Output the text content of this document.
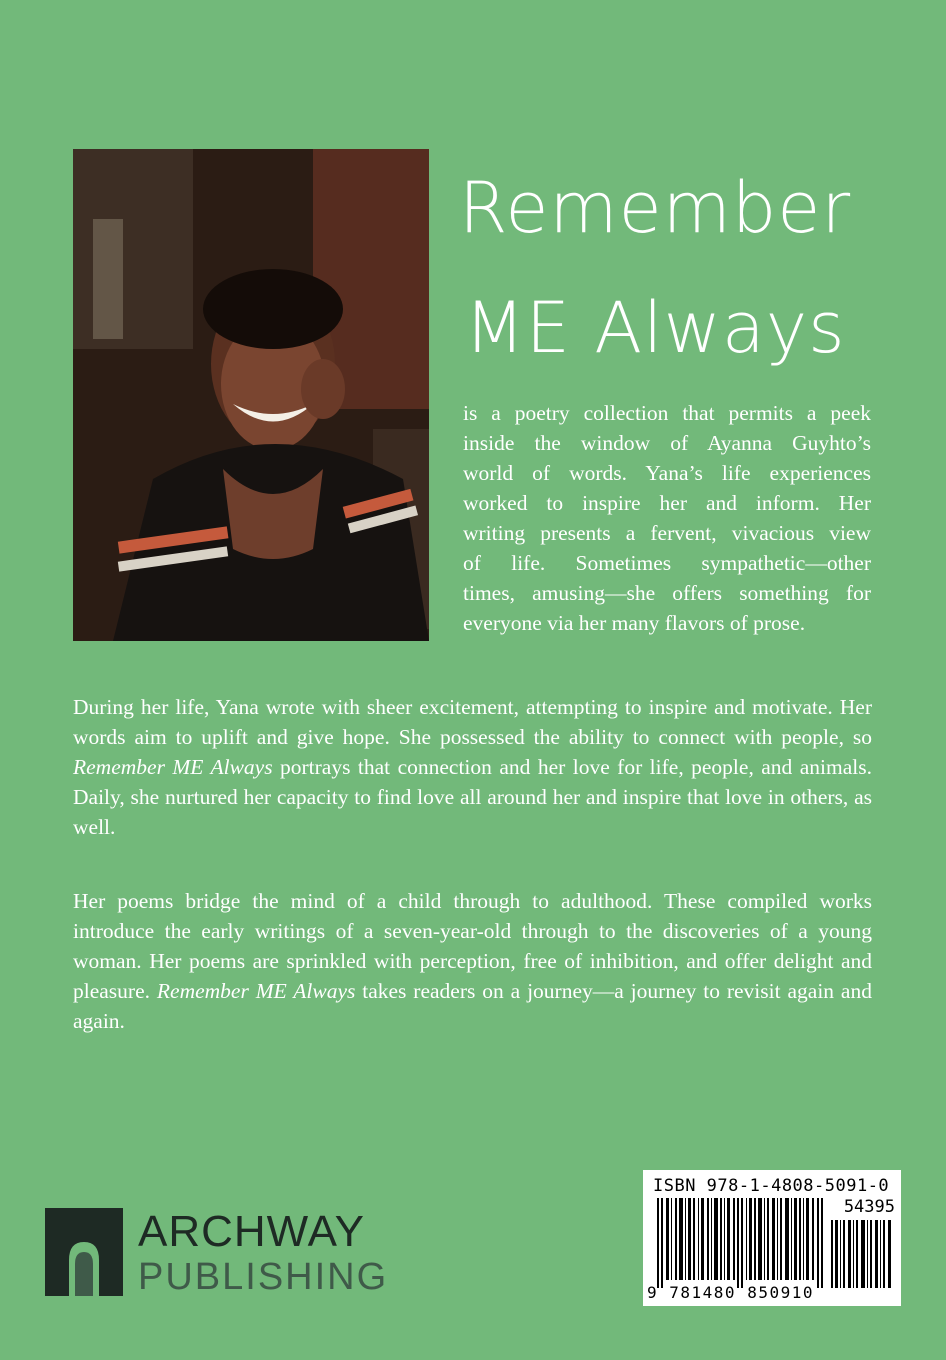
Remember
ME Always
is a poetry collection that permits a peek
inside the window of Ayanna Guyhto’s
world of words. Yana’s life experiences
worked to inspire her and inform. Her
writing presents a fervent, vivacious view
of life. Sometimes sympathetic—other
times, amusing—she offers something for
everyone via her many flavors of prose.
During her life, Yana wrote with sheer excitement, attempting to inspire and motivate. Her words aim to uplift and give hope. She possessed the ability to connect with people, so Remember ME Always portrays that connection and her love for life, people, and animals. Daily, she nurtured her capacity to find love all around her and inspire that love in others, as well.
Her poems bridge the mind of a child through to adulthood. These compiled works introduce the early writings of a seven-year-old through to the discoveries of a young woman. Her poems are sprinkled with perception, free of inhibition, and offer delight and pleasure. Remember ME Always takes readers on a journey—a journey to revisit again and again.
ARCHWAY
PUBLISHING
ISBN 978-1-4808-5091-0
54395
9 781480 850910
